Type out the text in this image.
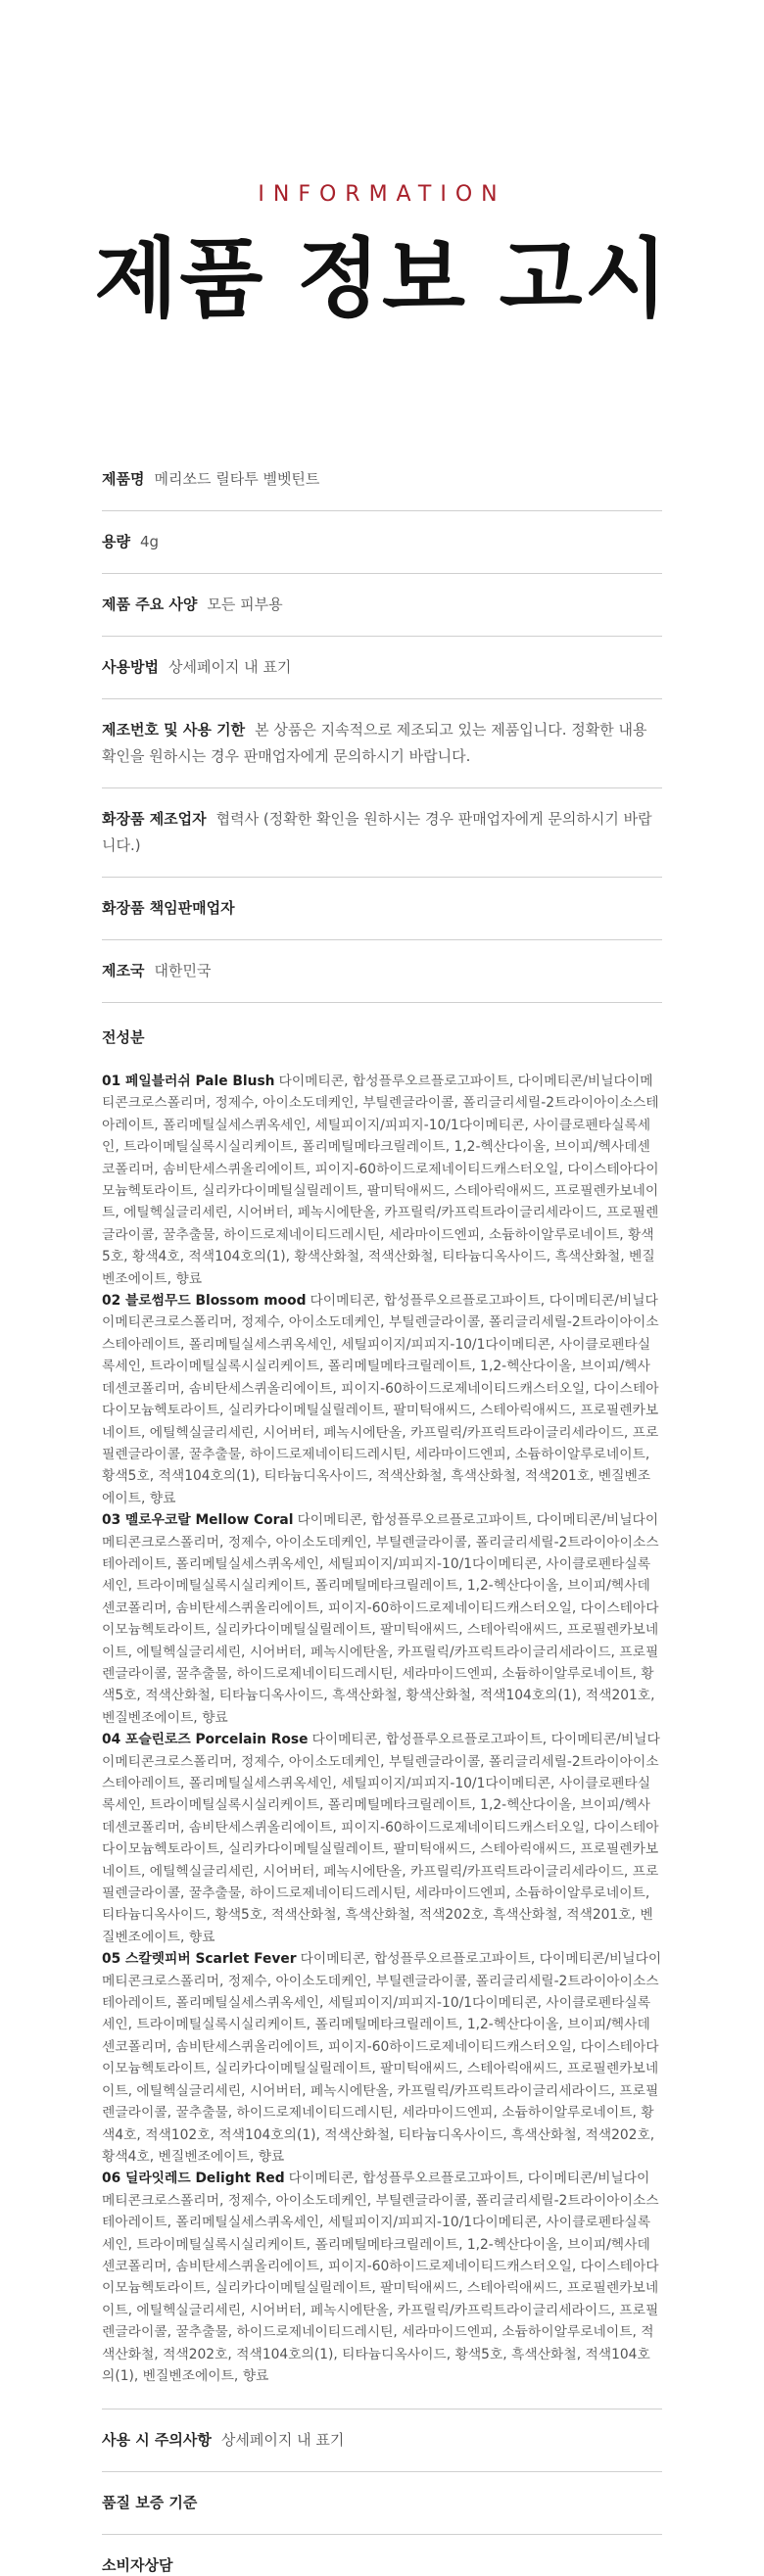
INFORMATION
제품 정보 고시
제품명 메리쏘드 릴타투 벨벳틴트
용량 4g
제품 주요 사양 모든 피부용
사용방법 상세페이지 내 표기
제조번호 및 사용 기한 본 상품은 지속적으로 제조되고 있는 제품입니다. 정확한 내용 확인을 원하시는 경우 판매업자에게 문의하시기 바랍니다.
화장품 제조업자 협력사 (정확한 확인을 원하시는 경우 판매업자에게 문의하시기 바랍니다.)
화장품 책임판매업자
제조국 대한민국
전성분
01 페일블러쉬 Pale Blush 다이메티콘, 합성플루오르플로고파이트, 다이메티콘/비닐다이메티콘크로스폴리머, 정제수, 아이소도데케인, 부틸렌글라이콜, 폴리글리세릴-2트라이아이소스테아레이트, 폴리메틸실세스퀴옥세인, 세틸피이지/피피지-10/1다이메티콘, 사이클로펜타실록세인, 트라이메틸실록시실리케이트, 폴리메틸메타크릴레이트, 1,2-헥산다이올, 브이피/헥사데센코폴리머, 솜비탄세스퀴올리에이트, 피이지-60하이드로제네이티드캐스터오일, 다이스테아다이모늄헥토라이트, 실리카다이메틸실릴레이트, 팔미틱애씨드, 스테아릭애씨드, 프로필렌카보네이트, 에틸헥실글리세린, 시어버터, 페녹시에탄올, 카프릴릭/카프릭트라이글리세라이드, 프로필렌글라이콜, 꿀추출물, 하이드로제네이티드레시틴, 세라마이드엔피, 소듐하이알루로네이트, 황색5호, 황색4호, 적색104호의(1), 황색산화철, 적색산화철, 티타늄디옥사이드, 흑색산화철, 벤질벤조에이트, 향료
02 블로썸무드 Blossom mood 다이메티콘, 합성플루오르플로고파이트, 다이메티콘/비닐다이메티콘크로스폴리머, 정제수, 아이소도데케인, 부틸렌글라이콜, 폴리글리세릴-2트라이아이소스테아레이트, 폴리메틸실세스퀴옥세인, 세틸피이지/피피지-10/1다이메티콘, 사이클로펜타실록세인, 트라이메틸실록시실리케이트, 폴리메틸메타크릴레이트, 1,2-헥산다이올, 브이피/헥사데센코폴리머, 솜비탄세스퀴올리에이트, 피이지-60하이드로제네이티드캐스터오일, 다이스테아다이모늄헥토라이트, 실리카다이메틸실릴레이트, 팔미틱애씨드, 스테아릭애씨드, 프로필렌카보네이트, 에틸헥실글리세린, 시어버터, 페녹시에탄올, 카프릴릭/카프릭트라이글리세라이드, 프로필렌글라이콜, 꿀추출물, 하이드로제네이티드레시틴, 세라마이드엔피, 소듐하이알루로네이트, 황색5호, 적색104호의(1), 티타늄디옥사이드, 적색산화철, 흑색산화철, 적색201호, 벤질벤조에이트, 향료
03 멜로우코랄 Mellow Coral 다이메티콘, 합성플루오르플로고파이트, 다이메티콘/비닐다이메티콘크로스폴리머, 정제수, 아이소도데케인, 부틸렌글라이콜, 폴리글리세릴-2트라이아이소스테아레이트, 폴리메틸실세스퀴옥세인, 세틸피이지/피피지-10/1다이메티콘, 사이클로펜타실록세인, 트라이메틸실록시실리케이트, 폴리메틸메타크릴레이트, 1,2-헥산다이올, 브이피/헥사데센코폴리머, 솜비탄세스퀴올리에이트, 피이지-60하이드로제네이티드캐스터오일, 다이스테아다이모늄헥토라이트, 실리카다이메틸실릴레이트, 팔미틱애씨드, 스테아릭애씨드, 프로필렌카보네이트, 에틸헥실글리세린, 시어버터, 페녹시에탄올, 카프릴릭/카프릭트라이글리세라이드, 프로필렌글라이콜, 꿀추출물, 하이드로제네이티드레시틴, 세라마이드엔피, 소듐하이알루로네이트, 황색5호, 적색산화철, 티타늄디옥사이드, 흑색산화철, 황색산화철, 적색104호의(1), 적색201호, 벤질벤조에이트, 향료
04 포슬린로즈 Porcelain Rose 다이메티콘, 합성플루오르플로고파이트, 다이메티콘/비닐다이메티콘크로스폴리머, 정제수, 아이소도데케인, 부틸렌글라이콜, 폴리글리세릴-2트라이아이소스테아레이트, 폴리메틸실세스퀴옥세인, 세틸피이지/피피지-10/1다이메티콘, 사이클로펜타실록세인, 트라이메틸실록시실리케이트, 폴리메틸메타크릴레이트, 1,2-헥산다이올, 브이피/헥사데센코폴리머, 솜비탄세스퀴올리에이트, 피이지-60하이드로제네이티드캐스터오일, 다이스테아다이모늄헥토라이트, 실리카다이메틸실릴레이트, 팔미틱애씨드, 스테아릭애씨드, 프로필렌카보네이트, 에틸헥실글리세린, 시어버터, 페녹시에탄올, 카프릴릭/카프릭트라이글리세라이드, 프로필렌글라이콜, 꿀추출물, 하이드로제네이티드레시틴, 세라마이드엔피, 소듐하이알루로네이트, 티타늄디옥사이드, 황색5호, 적색산화철, 흑색산화철, 적색202호, 흑색산화철, 적색201호, 벤질벤조에이트, 향료
05 스칼렛피버 Scarlet Fever 다이메티콘, 합성플루오르플로고파이트, 다이메티콘/비닐다이메티콘크로스폴리머, 정제수, 아이소도데케인, 부틸렌글라이콜, 폴리글리세릴-2트라이아이소스테아레이트, 폴리메틸실세스퀴옥세인, 세틸피이지/피피지-10/1다이메티콘, 사이클로펜타실록세인, 트라이메틸실록시실리케이트, 폴리메틸메타크릴레이트, 1,2-헥산다이올, 브이피/헥사데센코폴리머, 솜비탄세스퀴올리에이트, 피이지-60하이드로제네이티드캐스터오일, 다이스테아다이모늄헥토라이트, 실리카다이메틸실릴레이트, 팔미틱애씨드, 스테아릭애씨드, 프로필렌카보네이트, 에틸헥실글리세린, 시어버터, 페녹시에탄올, 카프릴릭/카프릭트라이글리세라이드, 프로필렌글라이콜, 꿀추출물, 하이드로제네이티드레시틴, 세라마이드엔피, 소듐하이알루로네이트, 황색4호, 적색102호, 적색104호의(1), 적색산화철, 티타늄디옥사이드, 흑색산화철, 적색202호, 황색4호, 벤질벤조에이트, 향료
06 딜라잇레드 Delight Red 다이메티콘, 합성플루오르플로고파이트, 다이메티콘/비닐다이메티콘크로스폴리머, 정제수, 아이소도데케인, 부틸렌글라이콜, 폴리글리세릴-2트라이아이소스테아레이트, 폴리메틸실세스퀴옥세인, 세틸피이지/피피지-10/1다이메티콘, 사이클로펜타실록세인, 트라이메틸실록시실리케이트, 폴리메틸메타크릴레이트, 1,2-헥산다이올, 브이피/헥사데센코폴리머, 솜비탄세스퀴올리에이트, 피이지-60하이드로제네이티드캐스터오일, 다이스테아다이모늄헥토라이트, 실리카다이메틸실릴레이트, 팔미틱애씨드, 스테아릭애씨드, 프로필렌카보네이트, 에틸헥실글리세린, 시어버터, 페녹시에탄올, 카프릴릭/카프릭트라이글리세라이드, 프로필렌글라이콜, 꿀추출물, 하이드로제네이티드레시틴, 세라마이드엔피, 소듐하이알루로네이트, 적색산화철, 적색202호, 적색104호의(1), 티타늄디옥사이드, 황색5호, 흑색산화철, 적색104호의(1), 벤질벤조에이트, 향료
사용 시 주의사항 상세페이지 내 표기
품질 보증 기준
소비자상담
